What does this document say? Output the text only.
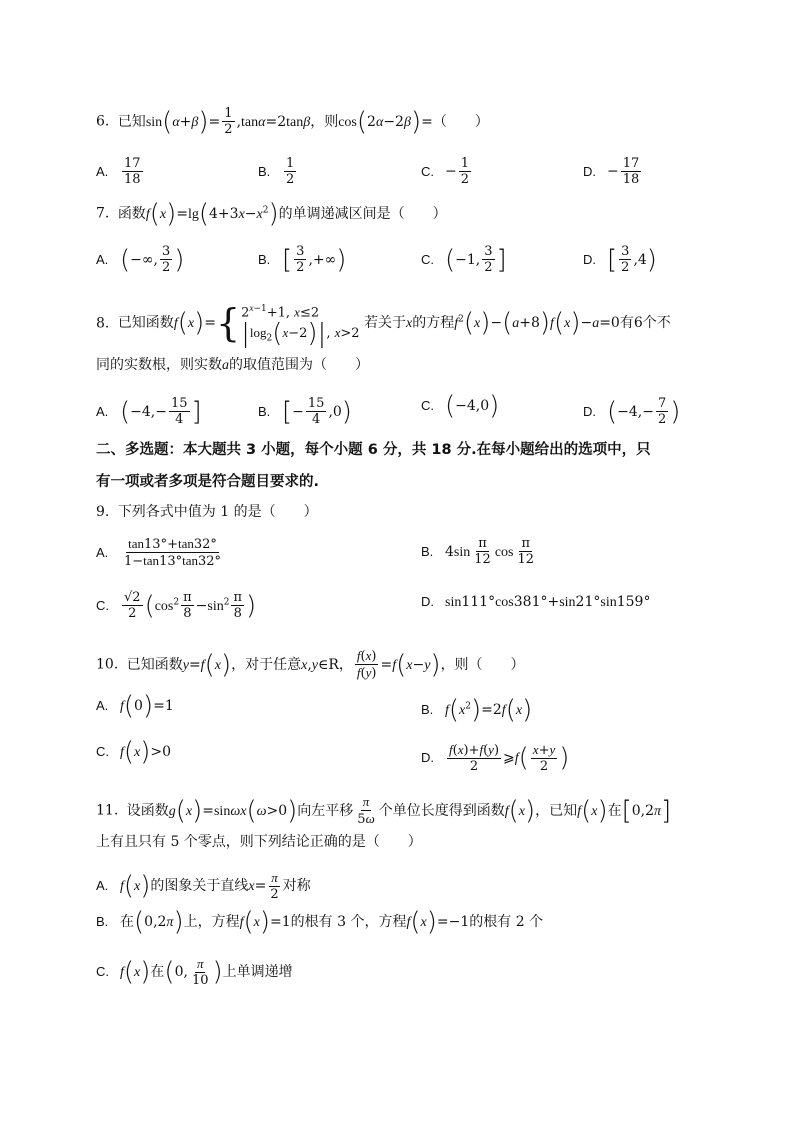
6. 已知$\sin(\alpha+\beta)= \frac{1}{2} ,\tan\alpha=2\tan\beta$，则cos(2α−2β)=（　　）
A. $\frac{17}{18}$	B. $\frac{1}{2}$	C. − $\frac{1}{2}$	D. − $\frac{17}{18}$
7. 函数$f(x)=\lg(4+3x-x^2)$的单调递减区间是（　　）
A. (−∞, $\frac{3}{2}$ )	B. [ $\frac{3}{2}$ ,+∞)	C. (−1, $\frac{3}{2}$ ]	D. [ $\frac{3}{2} ,4$)
8. 已知函数f(x)={ $2^{x-1}+1$, x≤2
$|\log_2(x-2)|$, x>2
若关于x的方程$f^2(x)-(a+8)f(x)-a=0$有6个不
同的实数根，则实数a的取值范围为（　　）
A. ($-4,- \frac{15}{4}$ ]	B. [− $\frac{15}{4} ,0$)	C. (−4,0)	D. ($-4,- \frac{7}{2}$ )
二、多选题：本大题共 3 小题，每个小题 6 分，共 18 分.在每小题给出的选项中，只
有一项或者多项是符合题目要求的.
9. 下列各式中值为 1 的是（　　）
A. $\frac{\tan 13^\circ+\tan 32^\circ}{1-\tan 13^\circ\tan 32^\circ}$	B. $4\sin \frac{\pi}{12}$ $\cos \frac{\pi}{12}$
C. $\frac{√2}{2} (\cos^2 \frac{\pi}{8} -\sin^2 \frac{\pi}{8}$ )	D. sin111°cos381°+sin21°sin159°
10. 已知函数y=f(x)，对于任意x,y∈R， $\frac{f(x)}{f(y)} =f(x-y)$，则（　　）
A. f(0)=1	B. $f(x^2)=2f(x)$
C. f(x)>0	D. $\frac{f(x)+f(y)}{2}$ ⩾f( $\frac{x+y}{2}$ )
11. 设函数g(x)=sinωx(ω>0)向左平移 $\frac{\pi}{5\omega}$ 个单位长度得到函数f(x)，已知f(x)在[0,2π]
上有且只有 5 个零点，则下列结论正确的是（　　）
A. f(x)的图象关于直线$x= \frac{\pi}{2}$ 对称
B. 在(0,2π)上，方程f(x)=1的根有 3 个，方程f(x)=−1的根有 2 个
C. f(x)在(0, $\frac{\pi}{10}$ )上单调递增
